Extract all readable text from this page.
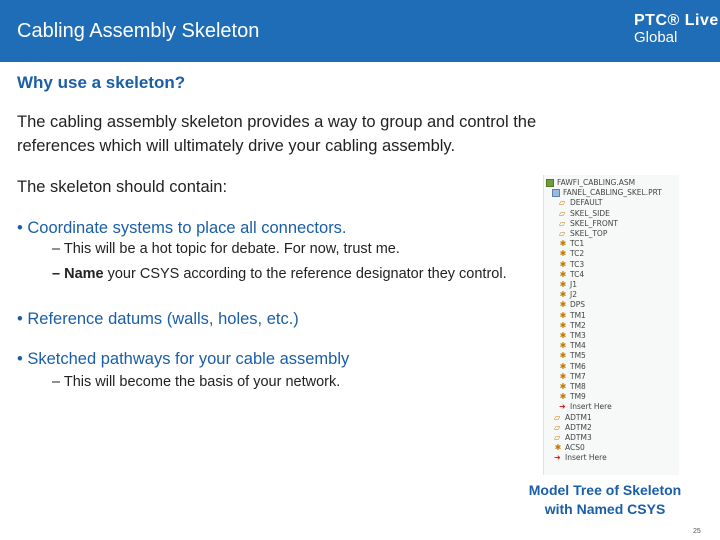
Cabling Assembly Skeleton	PTC® Live
Global
Why use a skeleton?
The cabling assembly skeleton provides a way to group and control the
references which will ultimately drive your cabling assembly.
The skeleton should contain:
• Coordinate systems to place all connectors.
– This will be a hot topic for debate. For now, trust me.
– Name your CSYS according to the reference designator they control.
• Reference datums (walls, holes, etc.)
• Sketched pathways for your cable assembly
– This will become the basis of your network.
FAWFI_CABLING.ASM
FANEL_CABLING_SKEL.PRT
▱ DEFAULT
▱ SKEL_SIDE
▱ SKEL_FRONT
▱ SKEL_TOP
✱ TC1
✱ TC2
✱ TC3
✱ TC4
✱ J1
✱ J2
✱ DPS
✱ TM1
✱ TM2
✱ TM3
✱ TM4
✱ TM5
✱ TM6
✱ TM7
✱ TM8
✱ TM9
➜ Insert Here
▱ ADTM1
▱ ADTM2
▱ ADTM3
✱ ACS0
➜ Insert Here
Model Tree of Skeleton
with Named CSYS
25
